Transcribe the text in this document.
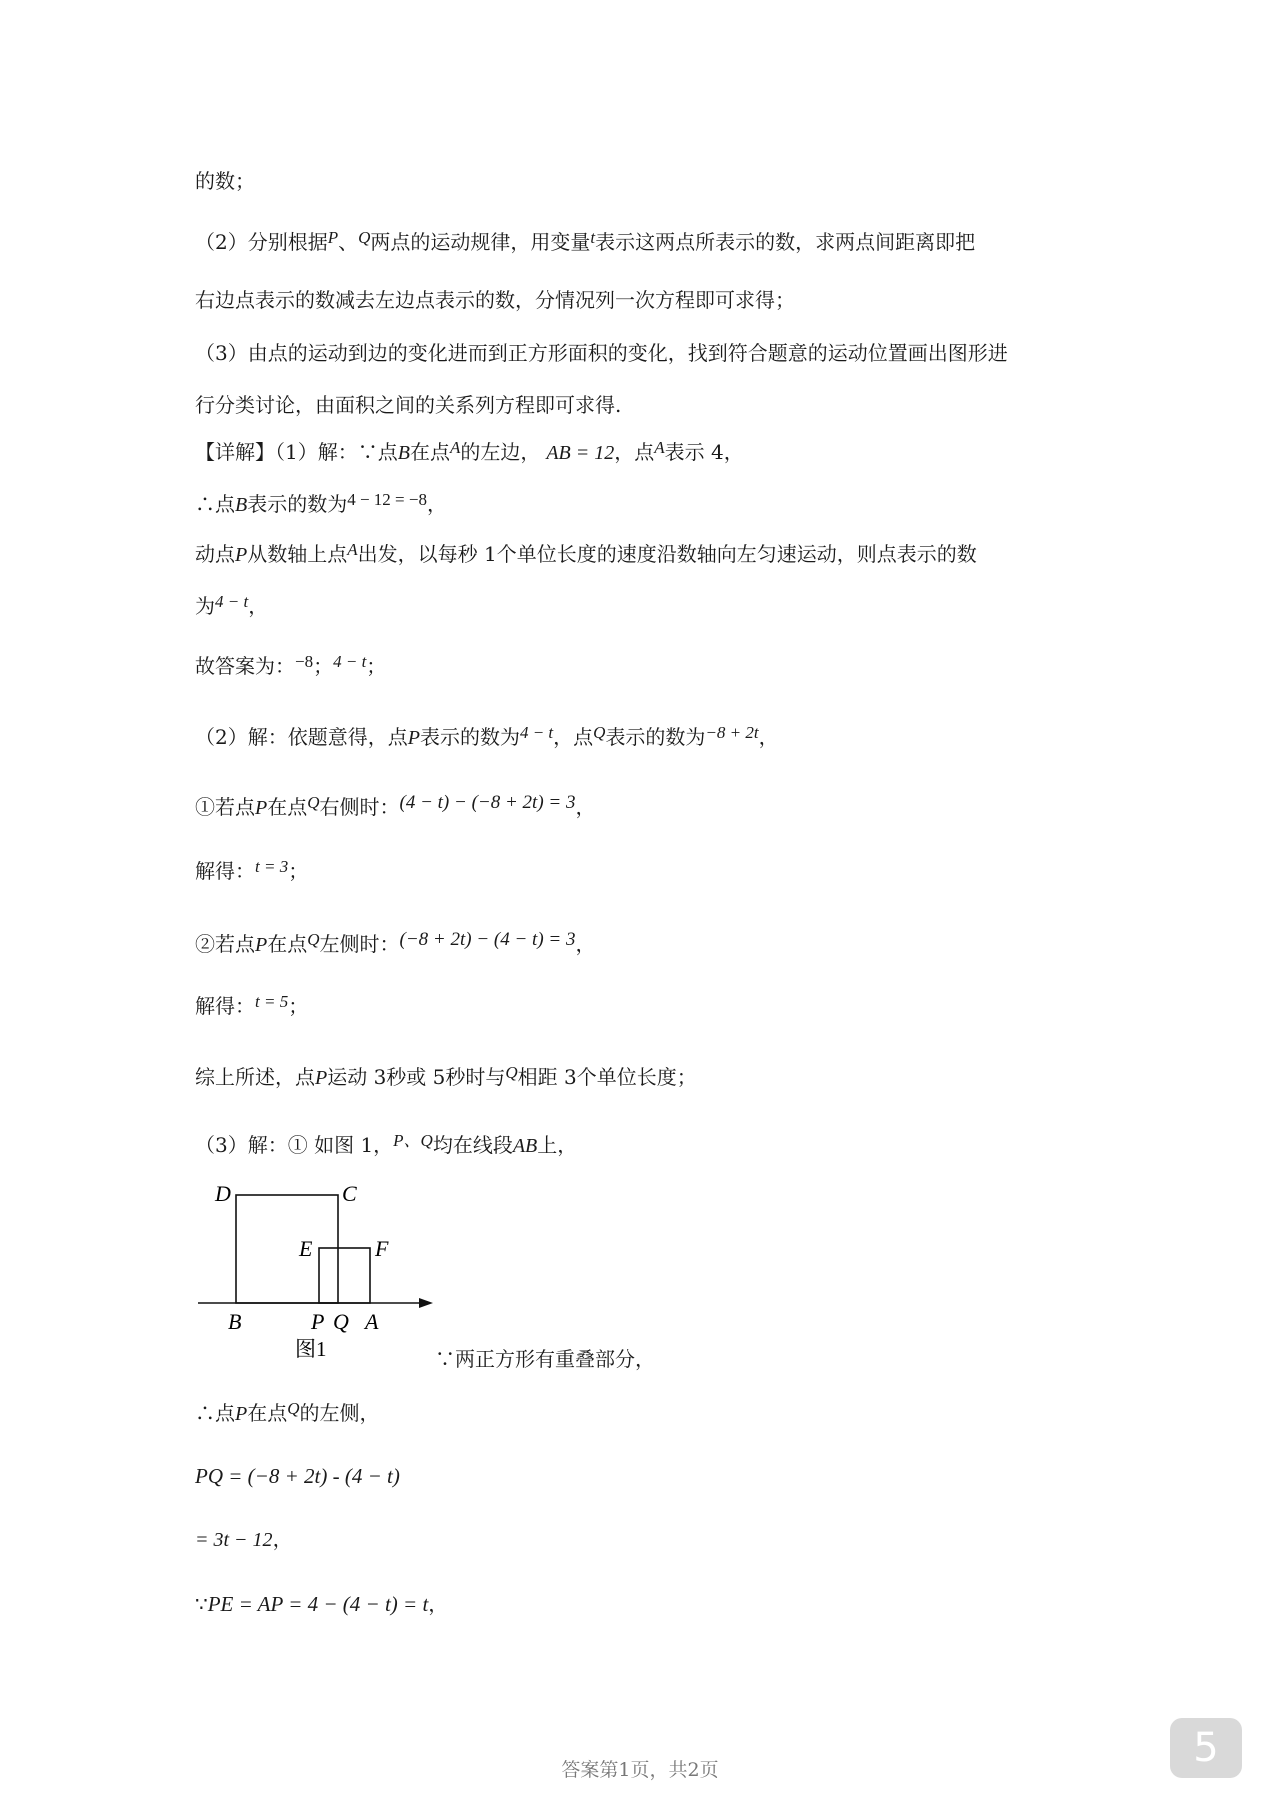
的数；
（2）分别根据$^P$、$^Q$两点的运动规律，用变量$^t$表示这两点所表示的数，求两点间距离即把
右边点表示的数减去左边点表示的数，分情况列一次方程即可求得；
（3）由点的运动到边的变化进而到正方形面积的变化，找到符合题意的运动位置画出图形进
行分类讨论，由面积之间的关系列方程即可求得.
【详解】（1）解：∵点B在点$^A$的左边， AB = 12，点$^A$表示 4，
∴点B表示的数为$^{4 - 12 = -8}$，
动点P从数轴上点$^A$出发，以每秒 1个单位长度的速度沿数轴向左匀速运动，则点表示的数
为$^{4 - t}$，
故答案为：$^{-8}$；$^{4 - t}$；
（2）解：依题意得，点P表示的数为$^{4 - t}$，点$^Q$表示的数为$^{-8 + 2t}$，
①若点P在点$^Q$右侧时：(4 − t) − (−8 + 2t) = 3，
解得：$^{t = 3}$；
②若点P在点$^Q$左侧时：(−8 + 2t) − (4 − t) = 3，
解得：$^{t = 5}$；
综上所述，点P运动 3秒或 5秒时与$^Q$相距 3个单位长度；
（3）解：① 如图 1，$^{P、Q}$均在线段AB上，
D	C
E	F
B	P Q A
图1	∵两正方形有重叠部分，
∴点P在点$^Q$的左侧，
PQ = (−8 + 2t) - (4 − t)
= 3t − 12，
∵PE = AP = 4 − (4 − t) = t，
答案第1页，共2页	5
